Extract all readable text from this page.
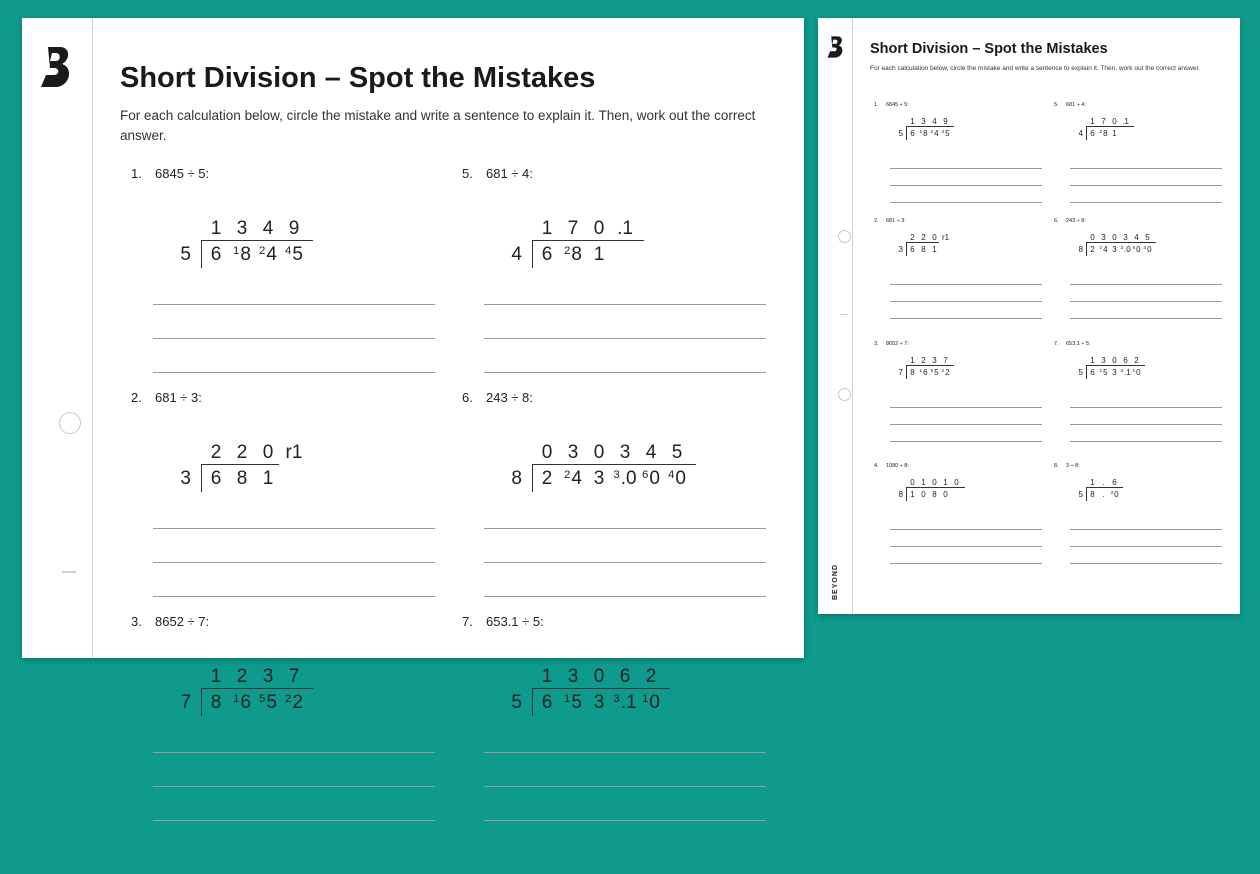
Short Division – Spot the Mistakes
For each calculation below, circle the mistake and write a sentence to explain it. Then, work out the correct answer.
1. 6845 ÷ 5:
5
1 3 4 9
6 $^1$8 $^2$4 $^4$5
2. 681 ÷ 3:
3
2 2 0 r1
6 8 1
3. 8652 ÷ 7:
7
1 2 3 7
8 $^1$6 $^5$5 $^2$2
5. 681 ÷ 4:
4
1 7 0 .1
6 $^2$8 1
6. 243 ÷ 8:
8
0 3 0 3 4 5
2 $^2$4 3 $^3$.0 $^6$0 $^4$0
7. 653.1 ÷ 5:
5
1 3 0 6 2
6 $^1$5 3 $^3$.1 $^1$0
Short Division – Spot the Mistakes
For each calculation below, circle the mistake and write a sentence to explain it. Then, work out the correct answer.
BEYOND
1. 6845 ÷ 5:
5
1 3 4 9
6 $^1$8 $^2$4 $^4$5
2. 681 ÷ 3:
3
2 2 0 r1
6 8 1
3. 8652 ÷ 7:
7
1 2 3 7
8 $^1$6 $^5$5 $^2$2
4. 1080 ÷ 8:
8
0 1 0 1 0
1 0 8 0
5. 681 ÷ 4:
4
1 7 0 .1
6 $^2$8 1
6. 243 ÷ 8:
8
0 3 0 3 4 5
2 $^2$4 3 $^3$.0 $^6$0 $^4$0
7. 653.1 ÷ 5:
5
1 3 0 6 2
6 $^1$5 3 $^3$.1 $^1$0
8. 3 ÷ 8:
5
1 . 6
8 . $^3$0
